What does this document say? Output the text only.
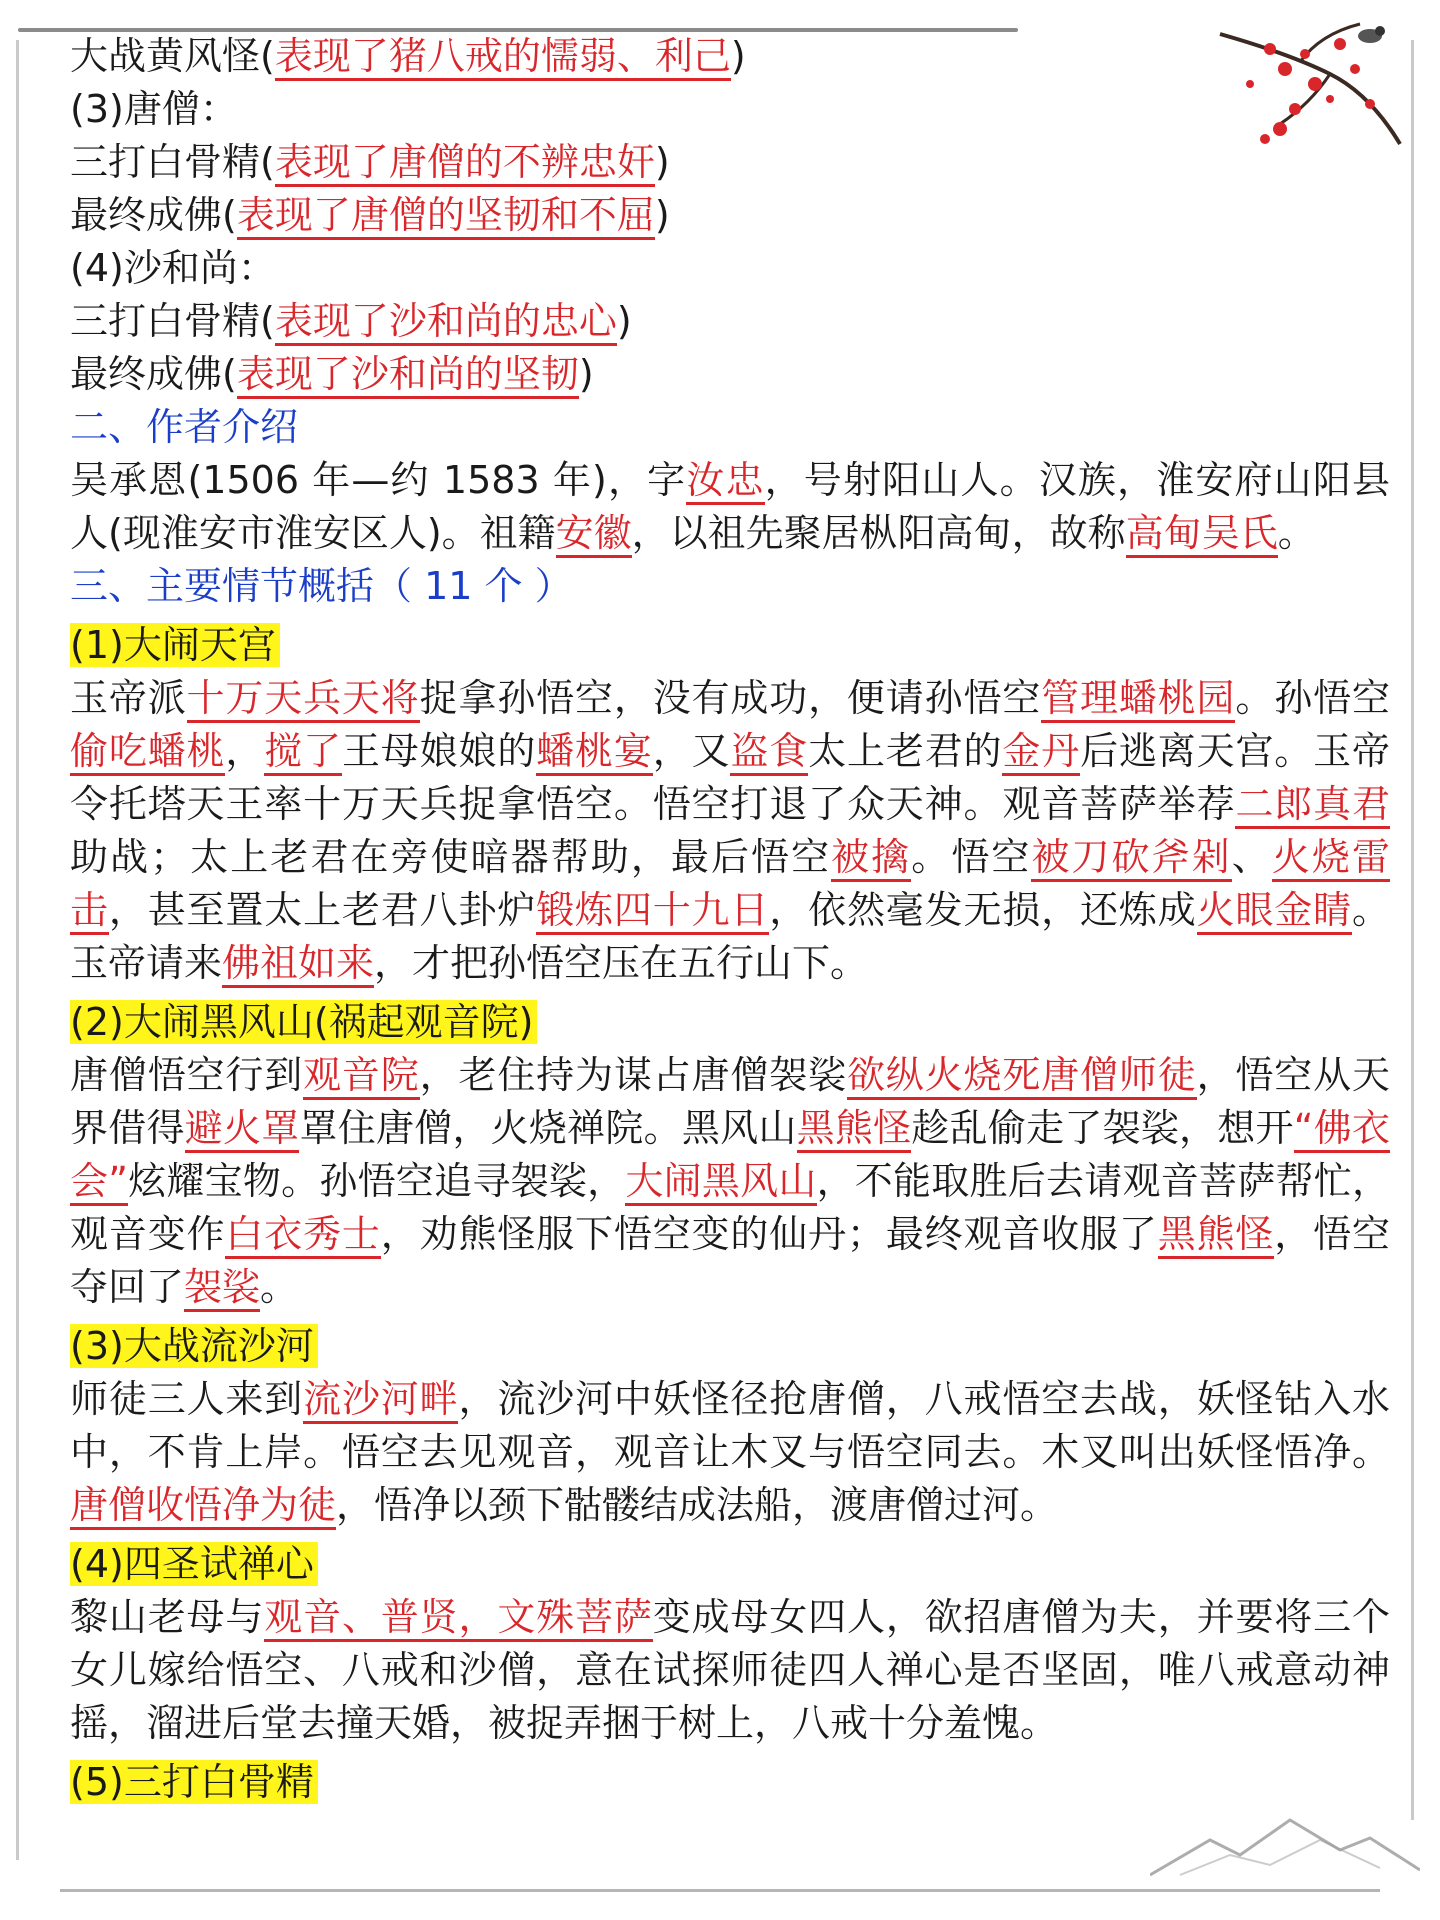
大战黄风怪(表现了猪八戒的懦弱、利己)
(3)唐僧：
三打白骨精(表现了唐僧的不辨忠奸)
最终成佛(表现了唐僧的坚韧和不屈)
(4)沙和尚：
三打白骨精(表现了沙和尚的忠心)
最终成佛(表现了沙和尚的坚韧)
二、作者介绍
吴承恩(1506 年—约 1583 年)，字汝忠，号射阳山人。汉族，淮安府山阳县人(现淮安市淮安区人)。祖籍安徽，以祖先聚居枞阳高甸，故称高甸吴氏。
三、主要情节概括（ 11 个 ）
(1)大闹天宫
玉帝派十万天兵天将捉拿孙悟空，没有成功，便请孙悟空管理蟠桃园。孙悟空偷吃蟠桃，搅了王母娘娘的蟠桃宴，又盗食太上老君的金丹后逃离天宫。玉帝令托塔天王率十万天兵捉拿悟空。悟空打退了众天神。观音菩萨举荐二郎真君助战；太上老君在旁使暗器帮助，最后悟空被擒。悟空被刀砍斧剁、火烧雷击，甚至置太上老君八卦炉锻炼四十九日，依然毫发无损，还炼成火眼金睛。玉帝请来佛祖如来，才把孙悟空压在五行山下。
(2)大闹黑风山(祸起观音院)
唐僧悟空行到观音院，老住持为谋占唐僧袈裟欲纵火烧死唐僧师徒，悟空从天界借得避火罩罩住唐僧，火烧禅院。黑风山黑熊怪趁乱偷走了袈裟，想开“佛衣会”炫耀宝物。孙悟空追寻袈裟，大闹黑风山，不能取胜后去请观音菩萨帮忙，观音变作白衣秀士，劝熊怪服下悟空变的仙丹；最终观音收服了黑熊怪，悟空夺回了袈裟。
(3)大战流沙河
师徒三人来到流沙河畔，流沙河中妖怪径抢唐僧，八戒悟空去战，妖怪钻入水中，不肯上岸。悟空去见观音，观音让木叉与悟空同去。木叉叫出妖怪悟净。唐僧收悟净为徒，悟净以颈下骷髅结成法船，渡唐僧过河。
(4)四圣试禅心
黎山老母与观音、普贤，文殊菩萨变成母女四人，欲招唐僧为夫，并要将三个女儿嫁给悟空、八戒和沙僧，意在试探师徒四人禅心是否坚固，唯八戒意动神摇，溜进后堂去撞天婚，被捉弄捆于树上，八戒十分羞愧。
(5)三打白骨精
